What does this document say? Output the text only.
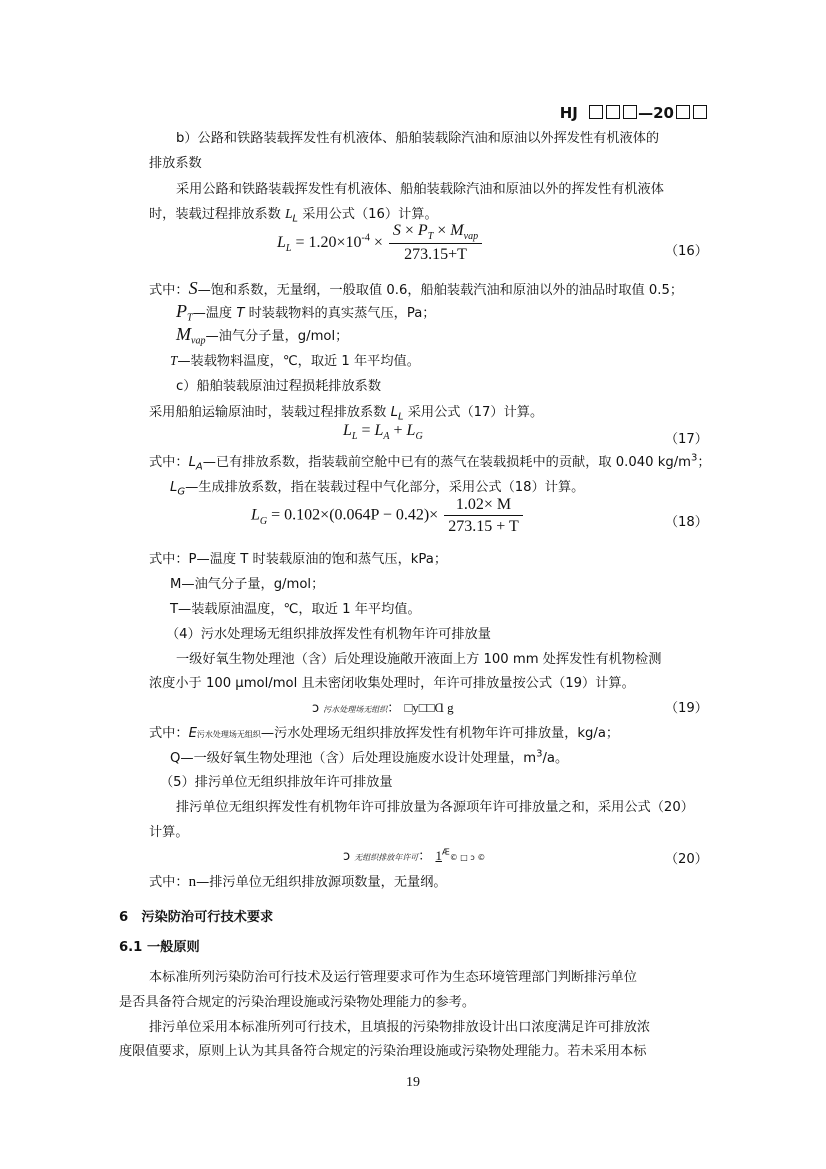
HJ	—20
b）公路和铁路装载挥发性有机液体、船舶装载除汽油和原油以外挥发性有机液体的
排放系数
采用公路和铁路装载挥发性有机液体、船舶装载除汽油和原油以外的挥发性有机液体
时，装载过程排放系数 $L_L$ 采用公式（16）计算。
$L_L = 1.20\times 10^{-4} \times \frac{S \times P_T \times M_{vap}}{273.15+T}$	（16）
式中：S—饱和系数，无量纲，一般取值 0.6，船舶装载汽油和原油以外的油品时取值 0.5；
$P_T—$温度 T 时装载物料的真实蒸气压，Pa；
$M_{vap}—$油气分子量，g/mol；
T—装载物料温度，℃，取近 1 年平均值。
c）船舶装载原油过程损耗排放系数
采用船舶运输原油时，装载过程排放系数 $L_L$ 采用公式（17）计算。
$L_L = L_A + L_G$	（17）
式中：$L_A—$已有排放系数，指装载前空舱中已有的蒸气在装载损耗中的贡献，取 0.040 $kg/m^3$；
$L_G—$生成排放系数，指在装载过程中气化部分，采用公式（18）计算。
$L_G = 0.102\times(0.064P - 0.42)\times \frac{1.02\times M}{273.15 + T}$	（18）
式中：P—温度 T 时装载原油的饱和蒸气压，kPa；
M—油气分子量，g/mol；
T—装载原油温度，℃，取近 1 年平均值。
（4）污水处理场无组织排放挥发性有机物年许可排放量
一级好氧生物处理池（含）后处理设施敞开液面上方 100 mm 处挥发性有机物检测
浓度小于 100 μmol/mol 且未密闭收集处理时，年许可排放量按公式（19）计算。
ɔ 污水处理场无组织： □y□□Ɑ g	（19）
式中：E污水处理场无组织—污水处理场无组织排放挥发性有机物年许可排放量，kg/a；
Q—一级好氧生物处理池（含）后处理设施废水设计处理量，$m^3/a$。
（5）排污单位无组织排放年许可排放量
排污单位无组织挥发性有机物年许可排放量为各源项年许可排放量之和，采用公式（20）
计算。
ɔ 无组织排放年许可： $1^Æ©$ □ ɔ ©	（20）
式中：n—排污单位无组织排放源项数量，无量纲。
6　污染防治可行技术要求
6.1 一般原则
本标准所列污染防治可行技术及运行管理要求可作为生态环境管理部门判断排污单位
是否具备符合规定的污染治理设施或污染物处理能力的参考。
排污单位采用本标准所列可行技术，且填报的污染物排放设计出口浓度满足许可排放浓
度限值要求，原则上认为其具备符合规定的污染治理设施或污染物处理能力。若未采用本标
19
